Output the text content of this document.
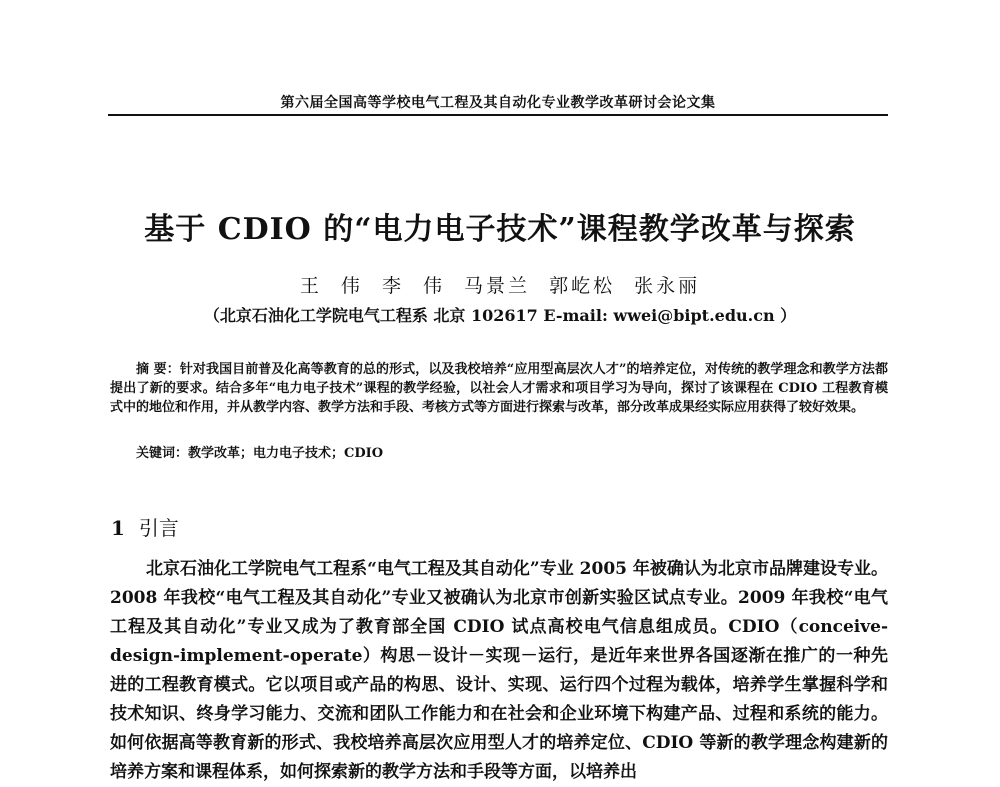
第六届全国高等学校电气工程及其自动化专业教学改革研讨会论文集
基于 CDIO 的“电力电子技术”课程教学改革与探索
王 伟 李 伟 马景兰 郭屹松 张永丽
（北京石油化工学院电气工程系 北京 102617 E-mail: wwei@bipt.edu.cn ）
摘 要：针对我国目前普及化高等教育的总的形式，以及我校培养“应用型高层次人才”的培养定位，对传统的教学理念和教学方法都提出了新的要求。结合多年“电力电子技术”课程的教学经验，以社会人才需求和项目学习为导向，探讨了该课程在 CDIO 工程教育模式中的地位和作用，并从教学内容、教学方法和手段、考核方式等方面进行探索与改革，部分改革成果经实际应用获得了较好效果。
关键词：教学改革；电力电子技术；CDIO
1 引言
北京石油化工学院电气工程系“电气工程及其自动化”专业 2005 年被确认为北京市品牌建设专业。2008 年我校“电气工程及其自动化”专业又被确认为北京市创新实验区试点专业。2009 年我校“电气工程及其自动化”专业又成为了教育部全国 CDIO 试点高校电气信息组成员。CDIO（conceive-design-implement-operate）构思－设计－实现－运行，是近年来世界各国逐渐在推广的一种先进的工程教育模式。它以项目或产品的构思、设计、实现、运行四个过程为载体，培养学生掌握科学和技术知识、终身学习能力、交流和团队工作能力和在社会和企业环境下构建产品、过程和系统的能力。如何依据高等教育新的形式、我校培养高层次应用型人才的培养定位、CDIO 等新的教学理念构建新的培养方案和课程体系，如何探索新的教学方法和手段等方面，以培养出
